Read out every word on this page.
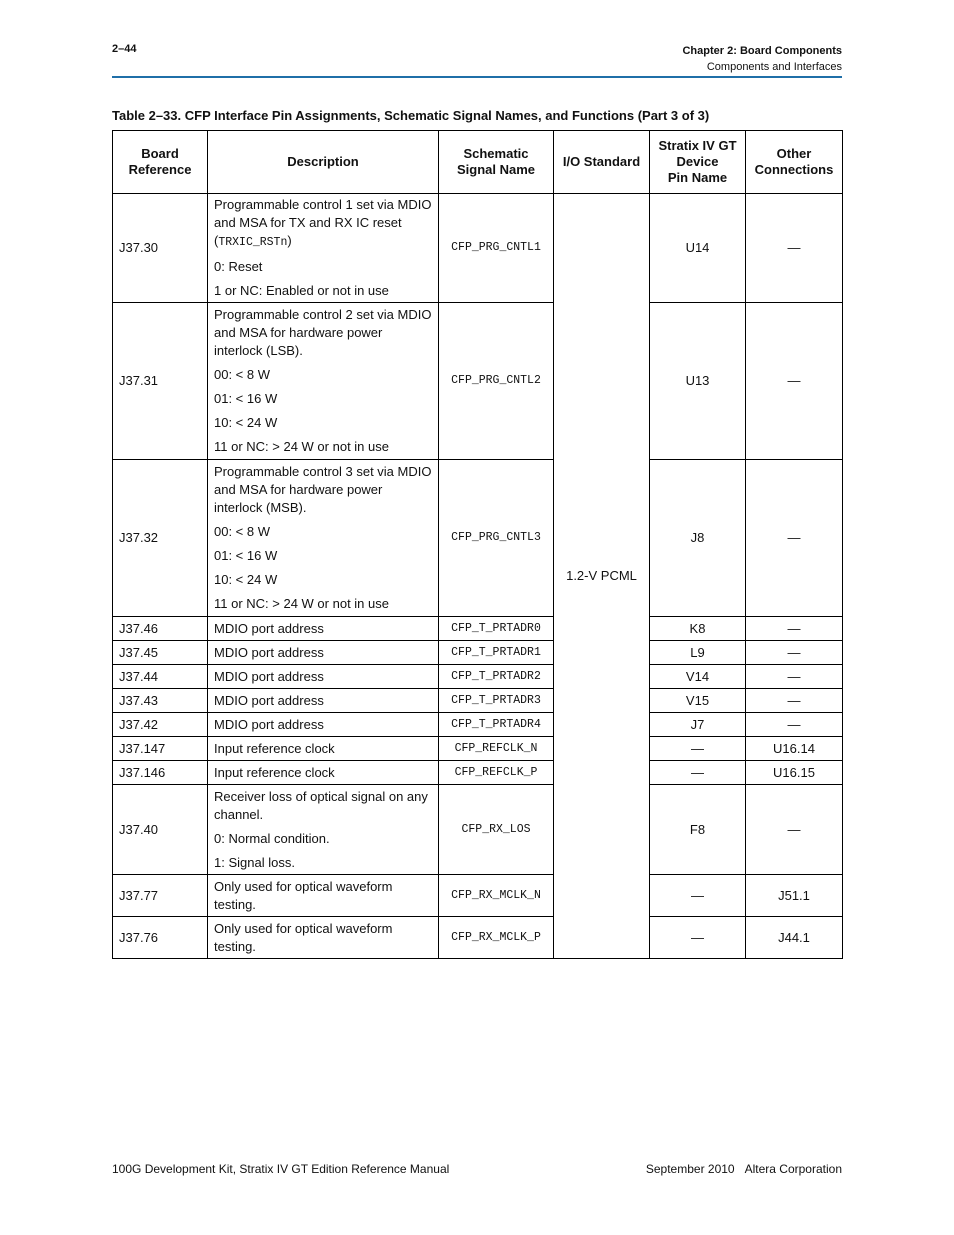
2–44	Chapter 2: Board Components
Components and Interfaces
Table 2–33. CFP Interface Pin Assignments, Schematic Signal Names, and Functions (Part 3 of 3)
Board
Reference	Description	Schematic
Signal Name	I/O Standard	Stratix IV GT
Device
Pin Name	Other
Connections
J37.30	Programmable control 1 set via MDIO and MSA for TX and RX IC reset (TRXIC_RSTn)
0: Reset
1 or NC: Enabled or not in use	CFP_PRG_CNTL1	1.2-V PCML	U14	—
J37.31	Programmable control 2 set via MDIO and MSA for hardware power interlock (LSB).
00: < 8 W
01: < 16 W
10: < 24 W
11 or NC: > 24 W or not in use	CFP_PRG_CNTL2		U13	—
J37.32	Programmable control 3 set via MDIO and MSA for hardware power interlock (MSB).
00: < 8 W
01: < 16 W
10: < 24 W
11 or NC: > 24 W or not in use	CFP_PRG_CNTL3		J8	—
J37.46	MDIO port address	CFP_T_PRTADR0		K8	—
J37.45	MDIO port address	CFP_T_PRTADR1		L9	—
J37.44	MDIO port address	CFP_T_PRTADR2		V14	—
J37.43	MDIO port address	CFP_T_PRTADR3		V15	—
J37.42	MDIO port address	CFP_T_PRTADR4		J7	—
J37.147	Input reference clock	CFP_REFCLK_N		—	U16.14
J37.146	Input reference clock	CFP_REFCLK_P		—	U16.15
J37.40	Receiver loss of optical signal on any channel.
0: Normal condition.
1: Signal loss.	CFP_RX_LOS		F8	—
J37.77	Only used for optical waveform testing.	CFP_RX_MCLK_N		—	J51.1
J37.76	Only used for optical waveform testing.	CFP_RX_MCLK_P		—	J44.1
100G Development Kit, Stratix IV GT Edition Reference Manual	September 2010 Altera Corporation
